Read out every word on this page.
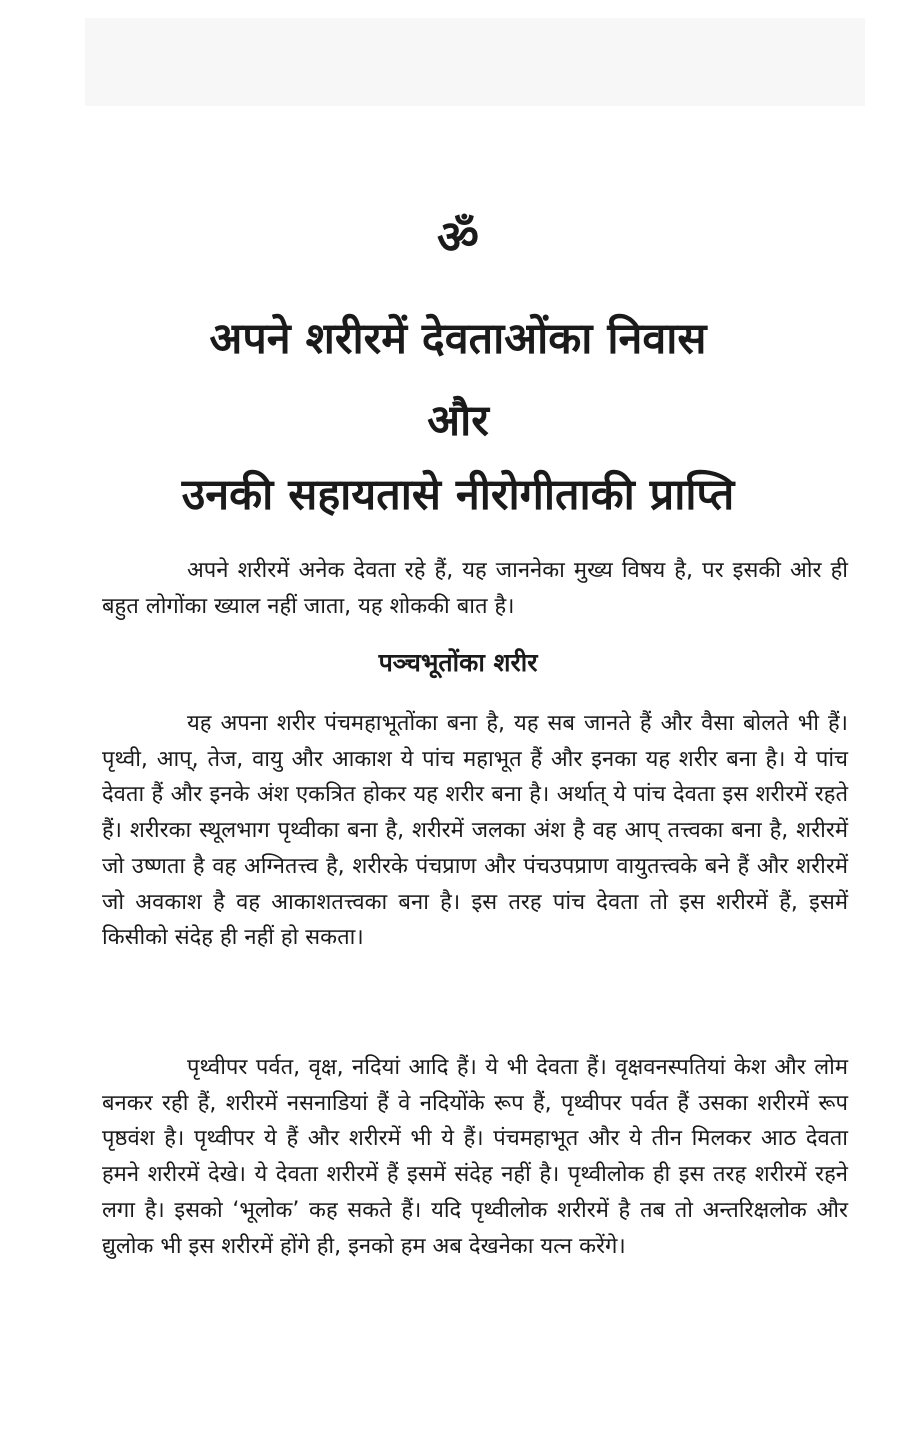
ॐ
अपने शरीरमें देवताओंका निवास
और
उनकी सहायतासे नीरोगीताकी प्राप्ति

अपने शरीरमें अनेक देवता रहे हैं, यह जाननेका मुख्य विषय है, पर इसकी ओर ही बहुत लोगोंका ख्याल नहीं जाता, यह शोककी बात है।

पञ्चभूतोंका शरीर

यह अपना शरीर पंचमहाभूतोंका बना है, यह सब जानते हैं और वैसा बोलते भी हैं। पृथ्वी, आप्, तेज, वायु और आकाश ये पांच महाभूत हैं और इनका यह शरीर बना है। ये पांच देवता हैं और इनके अंश एकत्रित होकर यह शरीर बना है। अर्थात् ये पांच देवता इस शरीरमें रहते हैं। शरीरका स्थूलभाग पृथ्वीका बना है, शरीरमें जलका अंश है वह आप् तत्त्वका बना है, शरीरमें जो उष्णता है वह अग्नितत्त्व है, शरीरके पंचप्राण और पंचउपप्राण वायुतत्त्वके बने हैं और शरीरमें जो अवकाश है वह आकाशतत्त्वका बना है। इस तरह पांच देवता तो इस शरीरमें हैं, इसमें किसीको संदेह ही नहीं हो सकता।

पृथ्वीपर पर्वत, वृक्ष, नदियां आदि हैं। ये भी देवता हैं। वृक्षवनस्पतियां केश और लोम बनकर रही हैं, शरीरमें नसनाडियां हैं वे नदियोंके रूप हैं, पृथ्वीपर पर्वत हैं उसका शरीरमें रूप पृष्ठवंश है। पृथ्वीपर ये हैं और शरीरमें भी ये हैं। पंचमहाभूत और ये तीन मिलकर आठ देवता हमने शरीरमें देखे। ये देवता शरीरमें हैं इसमें संदेह नहीं है। पृथ्वीलोक ही इस तरह शरीरमें रहने लगा है। इसको ‘भूलोक’ कह सकते हैं। यदि पृथ्वीलोक शरीरमें है तब तो अन्तरिक्षलोक और द्युलोक भी इस शरीरमें होंगे ही, इनको हम अब देखनेका यत्न करेंगे।
